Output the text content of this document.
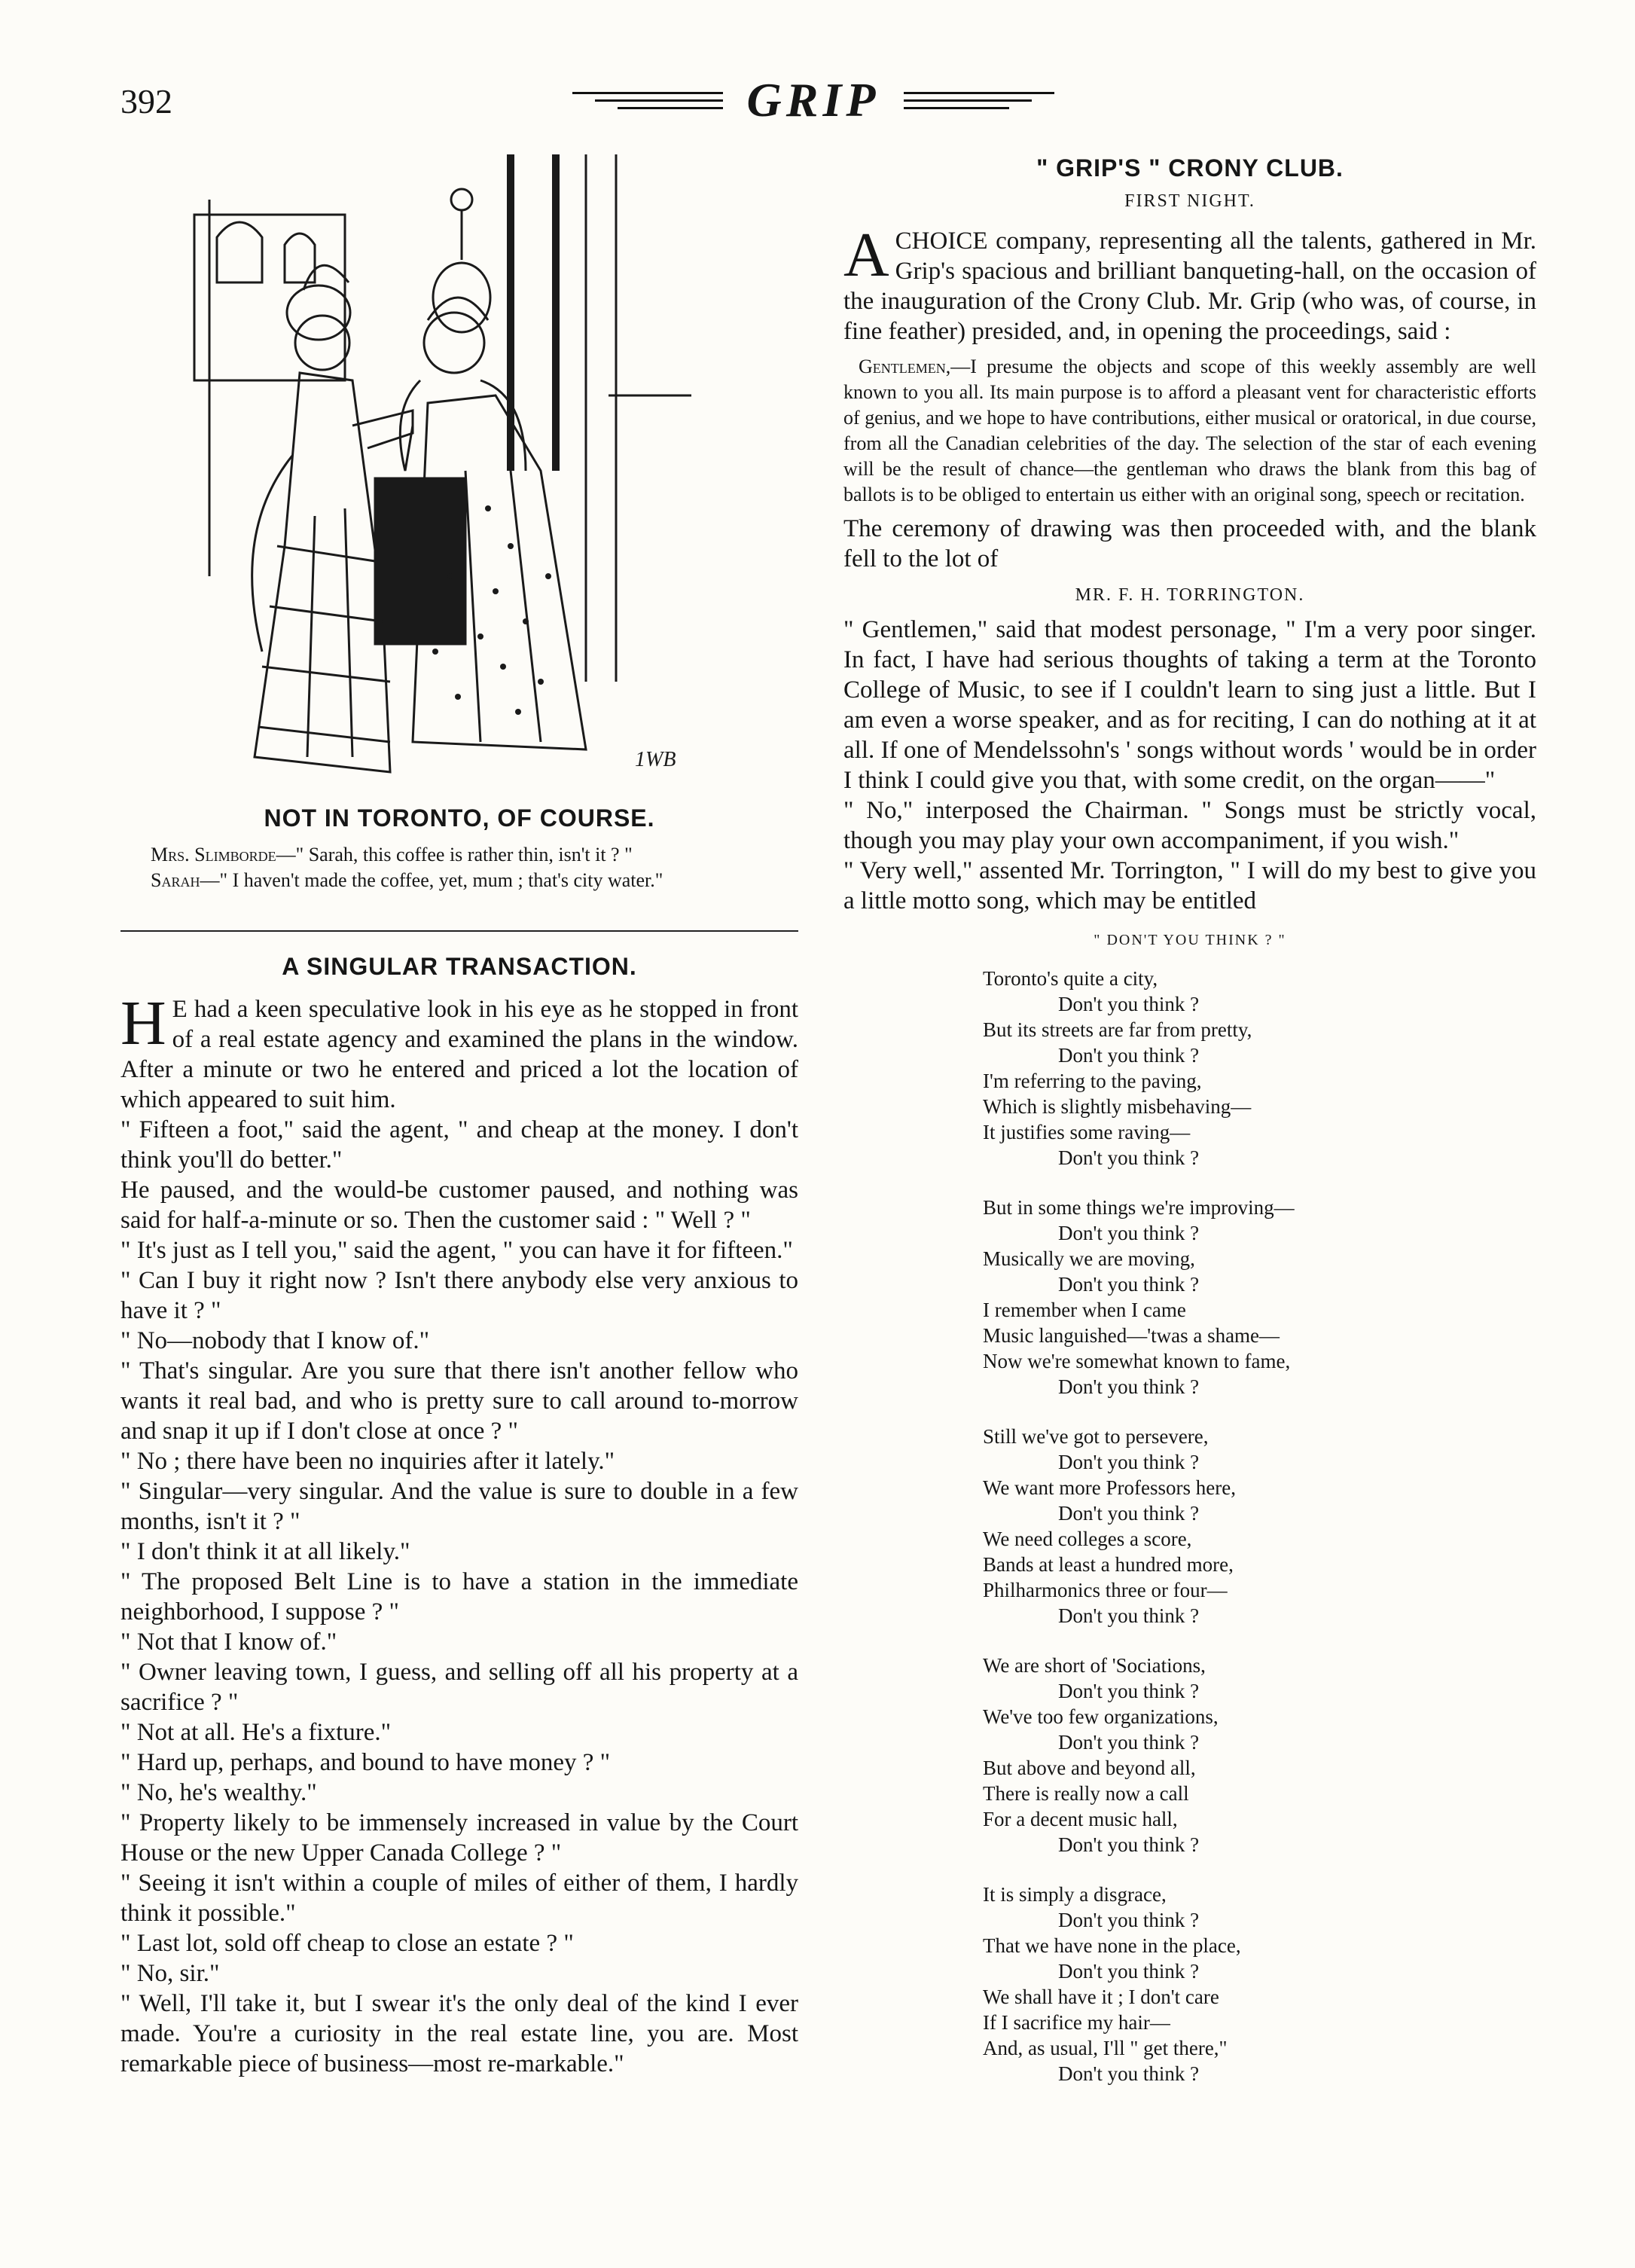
392	GRIP
1WB
NOT IN TORONTO, OF COURSE.
Mrs. Slimborde—" Sarah, this coffee is rather thin, isn't it ? "
Sarah—" I haven't made the coffee, yet, mum ; that's city water."
A SINGULAR TRANSACTION.

H E had a keen speculative look in his eye as he stopped in front of a real estate agency and examined the plans in the window. After a minute or two he entered and priced a lot the location of which appeared to suit him.

" Fifteen a foot," said the agent, " and cheap at the money. I don't think you'll do better."

He paused, and the would-be customer paused, and nothing was said for half-a-minute or so. Then the customer said : " Well ? "

" It's just as I tell you," said the agent, " you can have it for fifteen."

" Can I buy it right now ? Isn't there anybody else very anxious to have it ? "

" No—nobody that I know of."

" That's singular. Are you sure that there isn't another fellow who wants it real bad, and who is pretty sure to call around to-morrow and snap it up if I don't close at once ? "

" No ; there have been no inquiries after it lately."

" Singular—very singular. And the value is sure to double in a few months, isn't it ? "

" I don't think it at all likely."

" The proposed Belt Line is to have a station in the immediate neighborhood, I suppose ? "

" Not that I know of."

" Owner leaving town, I guess, and selling off all his property at a sacrifice ? "

" Not at all. He's a fixture."

" Hard up, perhaps, and bound to have money ? "

" No, he's wealthy."

" Property likely to be immensely increased in value by the Court House or the new Upper Canada College ? "

" Seeing it isn't within a couple of miles of either of them, I hardly think it possible."

" Last lot, sold off cheap to close an estate ? "

" No, sir."

" Well, I'll take it, but I swear it's the only deal of the kind I ever made. You're a curiosity in the real estate line, you are. Most remarkable piece of business—most re-markable."

" GRIP'S " CRONY CLUB.
FIRST NIGHT.

ACHOICE company, representing all the talents, gathered in Mr. Grip's spacious and brilliant banqueting-hall, on the occasion of the inauguration of the Crony Club. Mr. Grip (who was, of course, in fine feather) presided, and, in opening the proceedings, said :

Gentlemen,—I presume the objects and scope of this weekly assembly are well known to you all. Its main purpose is to afford a pleasant vent for characteristic efforts of genius, and we hope to have contributions, either musical or oratorical, in due course, from all the Canadian celebrities of the day. The selection of the star of each evening will be the result of chance—the gentleman who draws the blank from this bag of ballots is to be obliged to entertain us either with an original song, speech or recitation.

The ceremony of drawing was then proceeded with, and the blank fell to the lot of

MR. F. H. TORRINGTON.

" Gentlemen," said that modest personage, " I'm a very poor singer. In fact, I have had serious thoughts of taking a term at the Toronto College of Music, to see if I couldn't learn to sing just a little. But I am even a worse speaker, and as for reciting, I can do nothing at it at all. If one of Mendelssohn's ' songs without words ' would be in order I think I could give you that, with some credit, on the organ——"

" No," interposed the Chairman. " Songs must be strictly vocal, though you may play your own accompaniment, if you wish."

" Very well," assented Mr. Torrington, " I will do my best to give you a little motto song, which may be entitled

" DON'T YOU THINK ? "

Toronto's quite a city,
Don't you think ?
But its streets are far from pretty,
Don't you think ?
I'm referring to the paving,
Which is slightly misbehaving—
It justifies some raving—
Don't you think ?
But in some things we're improving—
Don't you think ?
Musically we are moving,
Don't you think ?
I remember when I came
Music languished—'twas a shame—
Now we're somewhat known to fame,
Don't you think ?
Still we've got to persevere,
Don't you think ?
We want more Professors here,
Don't you think ?
We need colleges a score,
Bands at least a hundred more,
Philharmonics three or four—
Don't you think ?
We are short of 'Sociations,
Don't you think ?
We've too few organizations,
Don't you think ?
But above and beyond all,
There is really now a call
For a decent music hall,
Don't you think ?
It is simply a disgrace,
Don't you think ?
That we have none in the place,
Don't you think ?
We shall have it ; I don't care
If I sacrifice my hair—
And, as usual, I'll " get there,"
Don't you think ?
